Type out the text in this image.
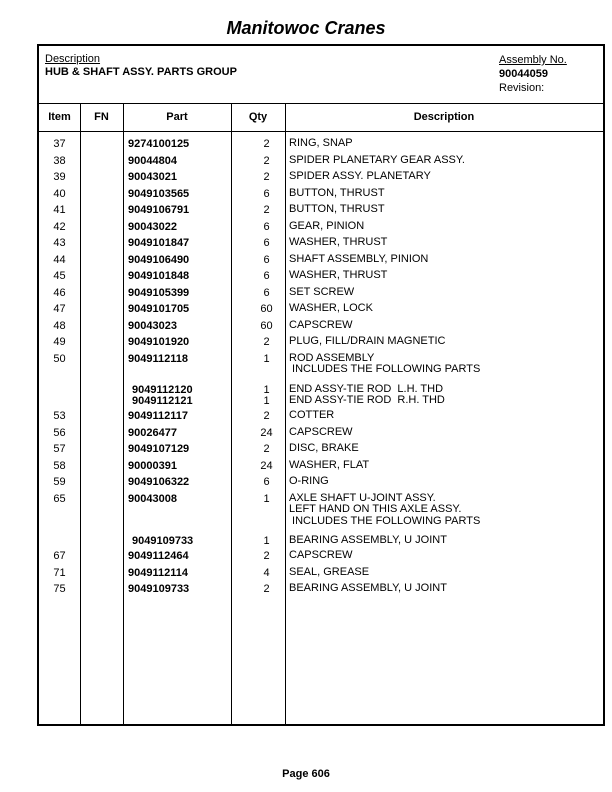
Manitowoc Cranes
Description
HUB & SHAFT ASSY. PARTS GROUP
Assembly No.
90044059
Revision:
Item	FN	Part	Qty	Description
37	9274100125	2	RING, SNAP
38	90044804	2	SPIDER PLANETARY GEAR ASSY.
39	90043021	2	SPIDER ASSY. PLANETARY
40	9049103565	6	BUTTON, THRUST
41	9049106791	2	BUTTON, THRUST
42	90043022	6	GEAR, PINION
43	9049101847	6	WASHER, THRUST
44	9049106490	6	SHAFT ASSEMBLY, PINION
45	9049101848	6	WASHER, THRUST
46	9049105399	6	SET SCREW
47	9049101705	60	WASHER, LOCK
48	90043023	60	CAPSCREW
49	9049101920	2	PLUG, FILL/DRAIN MAGNETIC
50	9049112118	1	ROD ASSEMBLY
INCLUDES THE FOLLOWING PARTS
9049112120	1	END ASSY-TIE ROD  L.H. THD
9049112121	1	END ASSY-TIE ROD  R.H. THD
53	9049112117	2	COTTER
56	90026477	24	CAPSCREW
57	9049107129	2	DISC, BRAKE
58	90000391	24	WASHER, FLAT
59	9049106322	6	O-RING
65	90043008	1	AXLE SHAFT U-JOINT ASSY.
LEFT HAND ON THIS AXLE ASSY.
INCLUDES THE FOLLOWING PARTS
9049109733	1	BEARING ASSEMBLY, U JOINT
67	9049112464	2	CAPSCREW
71	9049112114	4	SEAL, GREASE
75	9049109733	2	BEARING ASSEMBLY, U JOINT
Page 606
